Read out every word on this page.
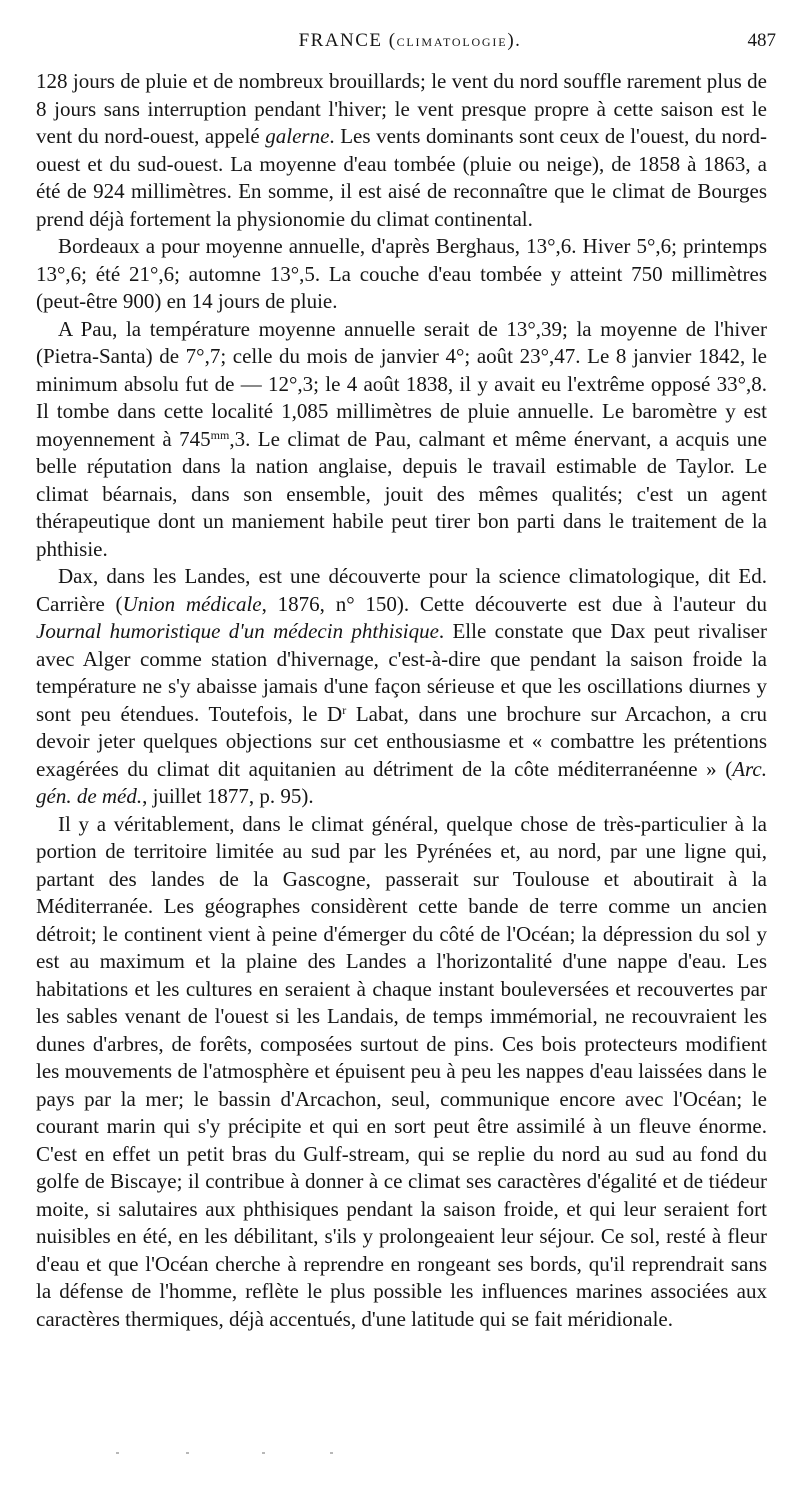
FRANCE (CLIMATOLOGIE).	487

128 jours de pluie et de nombreux brouillards; le vent du nord souffle rarement plus de 8 jours sans interruption pendant l'hiver; le vent presque propre à cette saison est le vent du nord-ouest, appelé galerne. Les vents dominants sont ceux de l'ouest, du nord-ouest et du sud-ouest. La moyenne d'eau tombée (pluie ou neige), de 1858 à 1863, a été de 924 millimètres. En somme, il est aisé de reconnaître que le climat de Bourges prend déjà fortement la physionomie du climat continental.

Bordeaux a pour moyenne annuelle, d'après Berghaus, 13°,6. Hiver 5°,6; printemps 13°,6; été 21°,6; automne 13°,5. La couche d'eau tombée y atteint 750 millimètres (peut-être 900) en 14 jours de pluie.

A Pau, la température moyenne annuelle serait de 13°,39; la moyenne de l'hiver (Pietra-Santa) de 7°,7; celle du mois de janvier 4°; août 23°,47. Le 8 janvier 1842, le minimum absolu fut de — 12°,3; le 4 août 1838, il y avait eu l'extrême opposé 33°,8. Il tombe dans cette localité 1,085 millimètres de pluie annuelle. Le baromètre y est moyennement à $745^{mm},3$. Le climat de Pau, calmant et même énervant, a acquis une belle réputation dans la nation anglaise, depuis le travail estimable de Taylor. Le climat béarnais, dans son ensemble, jouit des mêmes qualités; c'est un agent thérapeutique dont un maniement habile peut tirer bon parti dans le traitement de la phthisie.

Dax, dans les Landes, est une découverte pour la science climatologique, dit Ed. Carrière (Union médicale, 1876, n° 150). Cette découverte est due à l'auteur du Journal humoristique d'un médecin phthisique. Elle constate que Dax peut rivaliser avec Alger comme station d'hivernage, c'est-à-dire que pendant la saison froide la température ne s'y abaisse jamais d'une façon sérieuse et que les oscillations diurnes y sont peu étendues. Toutefois, le $D^r$ Labat, dans une brochure sur Arcachon, a cru devoir jeter quelques objections sur cet enthousiasme et « combattre les prétentions exagérées du climat dit aquitanien au détriment de la côte méditerranéenne » (Arc. gén. de méd., juillet 1877, p. 95).

Il y a véritablement, dans le climat général, quelque chose de très-particulier à la portion de territoire limitée au sud par les Pyrénées et, au nord, par une ligne qui, partant des landes de la Gascogne, passerait sur Toulouse et aboutirait à la Méditerranée. Les géographes considèrent cette bande de terre comme un ancien détroit; le continent vient à peine d'émerger du côté de l'Océan; la dépression du sol y est au maximum et la plaine des Landes a l'horizontalité d'une nappe d'eau. Les habitations et les cultures en seraient à chaque instant bouleversées et recouvertes par les sables venant de l'ouest si les Landais, de temps immémorial, ne recouvraient les dunes d'arbres, de forêts, composées surtout de pins. Ces bois protecteurs modifient les mouvements de l'atmosphère et épuisent peu à peu les nappes d'eau laissées dans le pays par la mer; le bassin d'Arcachon, seul, communique encore avec l'Océan; le courant marin qui s'y précipite et qui en sort peut être assimilé à un fleuve énorme. C'est en effet un petit bras du Gulf-stream, qui se replie du nord au sud au fond du golfe de Biscaye; il contribue à donner à ce climat ses caractères d'égalité et de tiédeur moite, si salutaires aux phthisiques pendant la saison froide, et qui leur seraient fort nuisibles en été, en les débilitant, s'ils y prolongeaient leur séjour. Ce sol, resté à fleur d'eau et que l'Océan cherche à reprendre en rongeant ses bords, qu'il reprendrait sans la défense de l'homme, reflète le plus possible les influences marines associées aux caractères thermiques, déjà accentués, d'une latitude qui se fait méridionale.
